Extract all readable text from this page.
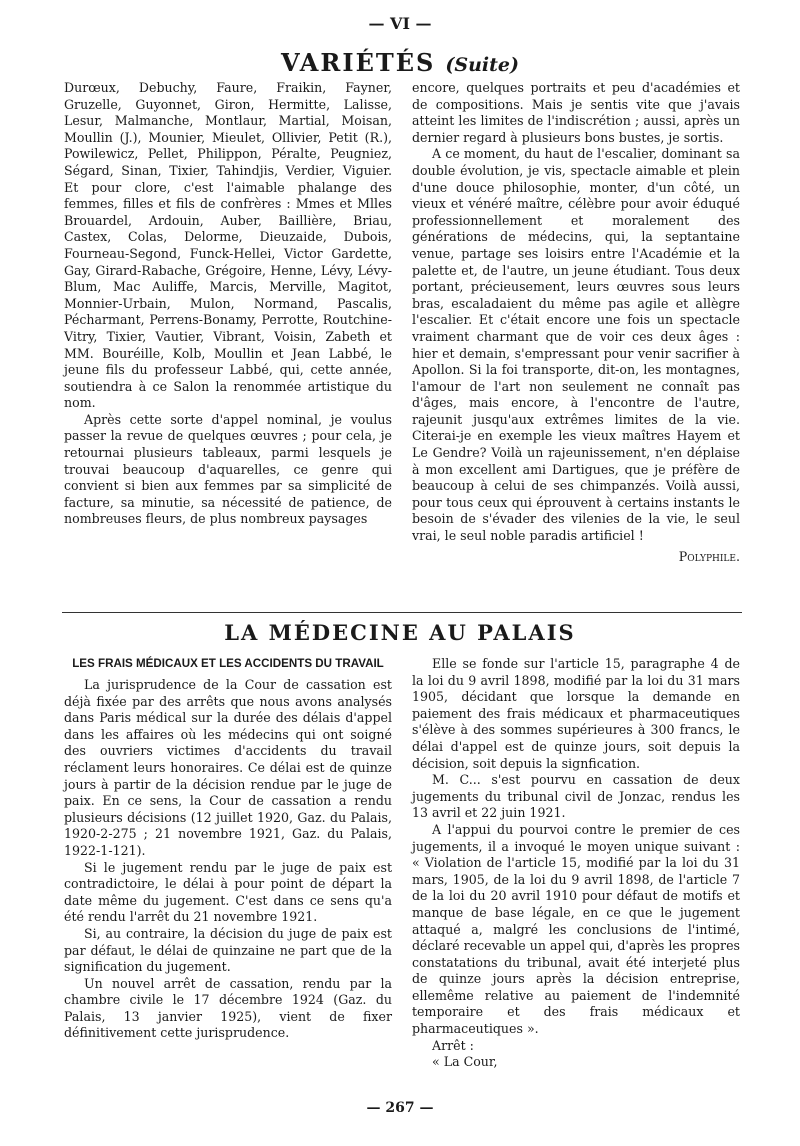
— VI —
VARIÉTÉS (Suite)

Durœux, Debuchy, Faure, Fraikin, Fayner, Gruzelle, Guyonnet, Giron, Hermitte, Lalisse, Lesur, Malmanche, Montlaur, Martial, Moisan, Moullin (J.), Mounier, Mieulet, Ollivier, Petit (R.), Powilewicz, Pellet, Philippon, Péralte, Peugniez, Ségard, Sinan, Tixier, Tahindjis, Verdier, Viguier. Et pour clore, c'est l'aimable phalange des femmes, filles et fils de confrères : Mmes et Mlles Brouardel, Ardouin, Auber, Baillière, Briau, Castex, Colas, Delorme, Dieuzaide, Dubois, Fourneau-Segond, Funck-Hellei, Victor Gardette, Gay, Girard-Rabache, Grégoire, Henne, Lévy, Lévy-Blum, Mac Auliffe, Marcis, Merville, Magitot, Monnier-Urbain, Mulon, Normand, Pascalis, Pécharmant, Perrens-Bonamy, Perrotte, Routchine-Vitry, Tixier, Vautier, Vibrant, Voisin, Zabeth et MM. Bouréille, Kolb, Moullin et Jean Labbé, le jeune fils du professeur Labbé, qui, cette année, soutiendra à ce Salon la renommée artistique du nom.

Après cette sorte d'appel nominal, je voulus passer la revue de quelques œuvres ; pour cela, je retournai plusieurs tableaux, parmi lesquels je trouvai beaucoup d'aquarelles, ce genre qui convient si bien aux femmes par sa simplicité de facture, sa minutie, sa nécessité de patience, de nombreuses fleurs, de plus nombreux paysages

encore, quelques portraits et peu d'académies et de compositions. Mais je sentis vite que j'avais atteint les limites de l'indiscrétion ; aussi, après un dernier regard à plusieurs bons bustes, je sortis.

A ce moment, du haut de l'escalier, dominant sa double évolution, je vis, spectacle aimable et plein d'une douce philosophie, monter, d'un côté, un vieux et vénéré maître, célèbre pour avoir éduqué professionnellement et moralement des générations de médecins, qui, la septantaine venue, partage ses loisirs entre l'Académie et la palette et, de l'autre, un jeune étudiant. Tous deux portant, précieusement, leurs œuvres sous leurs bras, escaladaient du même pas agile et allègre l'escalier. Et c'était encore une fois un spectacle vraiment charmant que de voir ces deux âges : hier et demain, s'empressant pour venir sacrifier à Apollon. Si la foi transporte, dit-on, les montagnes, l'amour de l'art non seulement ne connaît pas d'âges, mais encore, à l'encontre de l'autre, rajeunit jusqu'aux extrêmes limites de la vie. Citerai-je en exemple les vieux maîtres Hayem et Le Gendre? Voilà un rajeunissement, n'en déplaise à mon excellent ami Dartigues, que je préfère de beaucoup à celui de ses chimpanzés. Voilà aussi, pour tous ceux qui éprouvent à certains instants le besoin de s'évader des vilenies de la vie, le seul vrai, le seul noble paradis artificiel !

Polyphile.
LA MÉDECINE AU PALAIS
LES FRAIS MÉDICAUX ET LES ACCIDENTS DU TRAVAIL

La jurisprudence de la Cour de cassation est déjà fixée par des arrêts que nous avons analysés dans Paris médical sur la durée des délais d'appel dans les affaires où les médecins qui ont soigné des ouvriers victimes d'accidents du travail réclament leurs honoraires. Ce délai est de quinze jours à partir de la décision rendue par le juge de paix. En ce sens, la Cour de cassation a rendu plusieurs décisions (12 juillet 1920, Gaz. du Palais, 1920-2-275 ; 21 novembre 1921, Gaz. du Palais, 1922-1-121).

Si le jugement rendu par le juge de paix est contradictoire, le délai à pour point de départ la date même du jugement. C'est dans ce sens qu'a été rendu l'arrêt du 21 novembre 1921.

Si, au contraire, la décision du juge de paix est par défaut, le délai de quinzaine ne part que de la signification du jugement.

Un nouvel arrêt de cassation, rendu par la chambre civile le 17 décembre 1924 (Gaz. du Palais, 13 janvier 1925), vient de fixer définitivement cette jurisprudence.

Elle se fonde sur l'article 15, paragraphe 4 de la loi du 9 avril 1898, modifié par la loi du 31 mars 1905, décidant que lorsque la demande en paiement des frais médicaux et pharmaceutiques s'élève à des sommes supérieures à 300 francs, le délai d'appel est de quinze jours, soit depuis la décision, soit depuis la signfication.

M. C... s'est pourvu en cassation de deux jugements du tribunal civil de Jonzac, rendus les 13 avril et 22 juin 1921.

A l'appui du pourvoi contre le premier de ces jugements, il a invoqué le moyen unique suivant : « Violation de l'article 15, modifié par la loi du 31 mars, 1905, de la loi du 9 avril 1898, de l'article 7 de la loi du 20 avril 1910 pour défaut de motifs et manque de base légale, en ce que le jugement attaqué a, malgré les conclusions de l'intimé, déclaré recevable un appel qui, d'après les propres constatations du tribunal, avait été interjeté plus de quinze jours après la décision entreprise, ellemême relative au paiement de l'indemnité temporaire et des frais médicaux et pharmaceutiques ».

Arrêt :

« La Cour,

— 267 —
